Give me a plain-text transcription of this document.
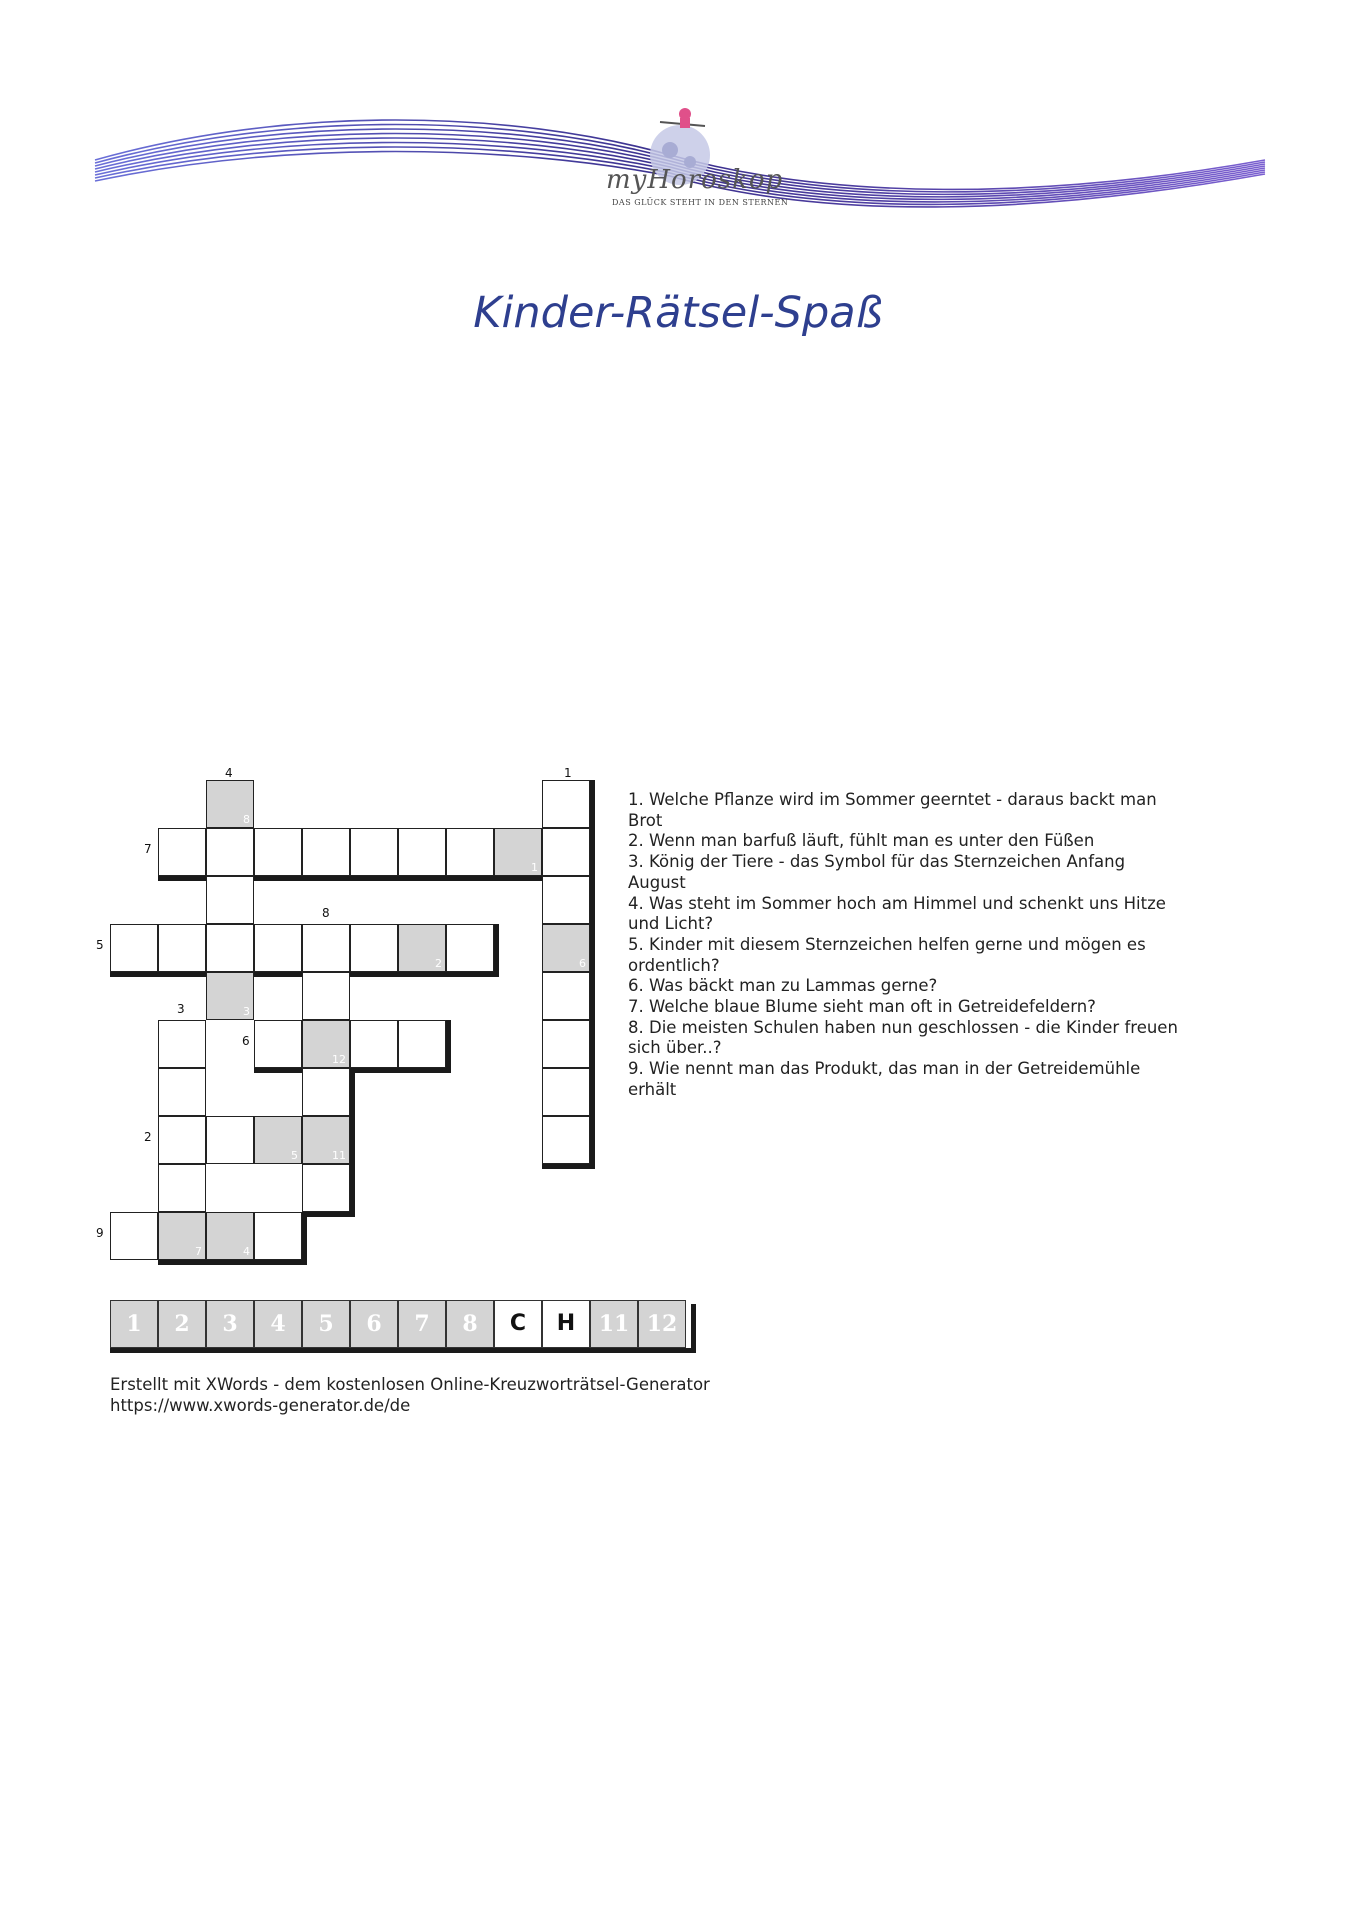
myHoroskop
DAS GLÜCK STEHT IN DEN STERNEN
Kinder-Rätsel-Spaß
4	1
7
8
5
3
6
2
9
8
1
6
2
3
12
5	11
7	4
1. Welche Pflanze wird im Sommer geerntet - daraus backt man Brot
2. Wenn man barfuß läuft, fühlt man es unter den Füßen
3. König der Tiere - das Symbol für das Sternzeichen Anfang August
4. Was steht im Sommer hoch am Himmel und schenkt uns Hitze und Licht?
5. Kinder mit diesem Sternzeichen helfen gerne und mögen es ordentlich?
6. Was bäckt man zu Lammas gerne?
7. Welche blaue Blume sieht man oft in Getreidefeldern?
8. Die meisten Schulen haben nun geschlossen - die Kinder freuen sich über..?
9. Wie nennt man das Produkt, das man in der Getreidemühle erhält
1	2	3	4	5	6	7	8	C	H	11 12
Erstellt mit XWords - dem kostenlosen Online-Kreuzworträtsel-Generator
https://www.xwords-generator.de/de
